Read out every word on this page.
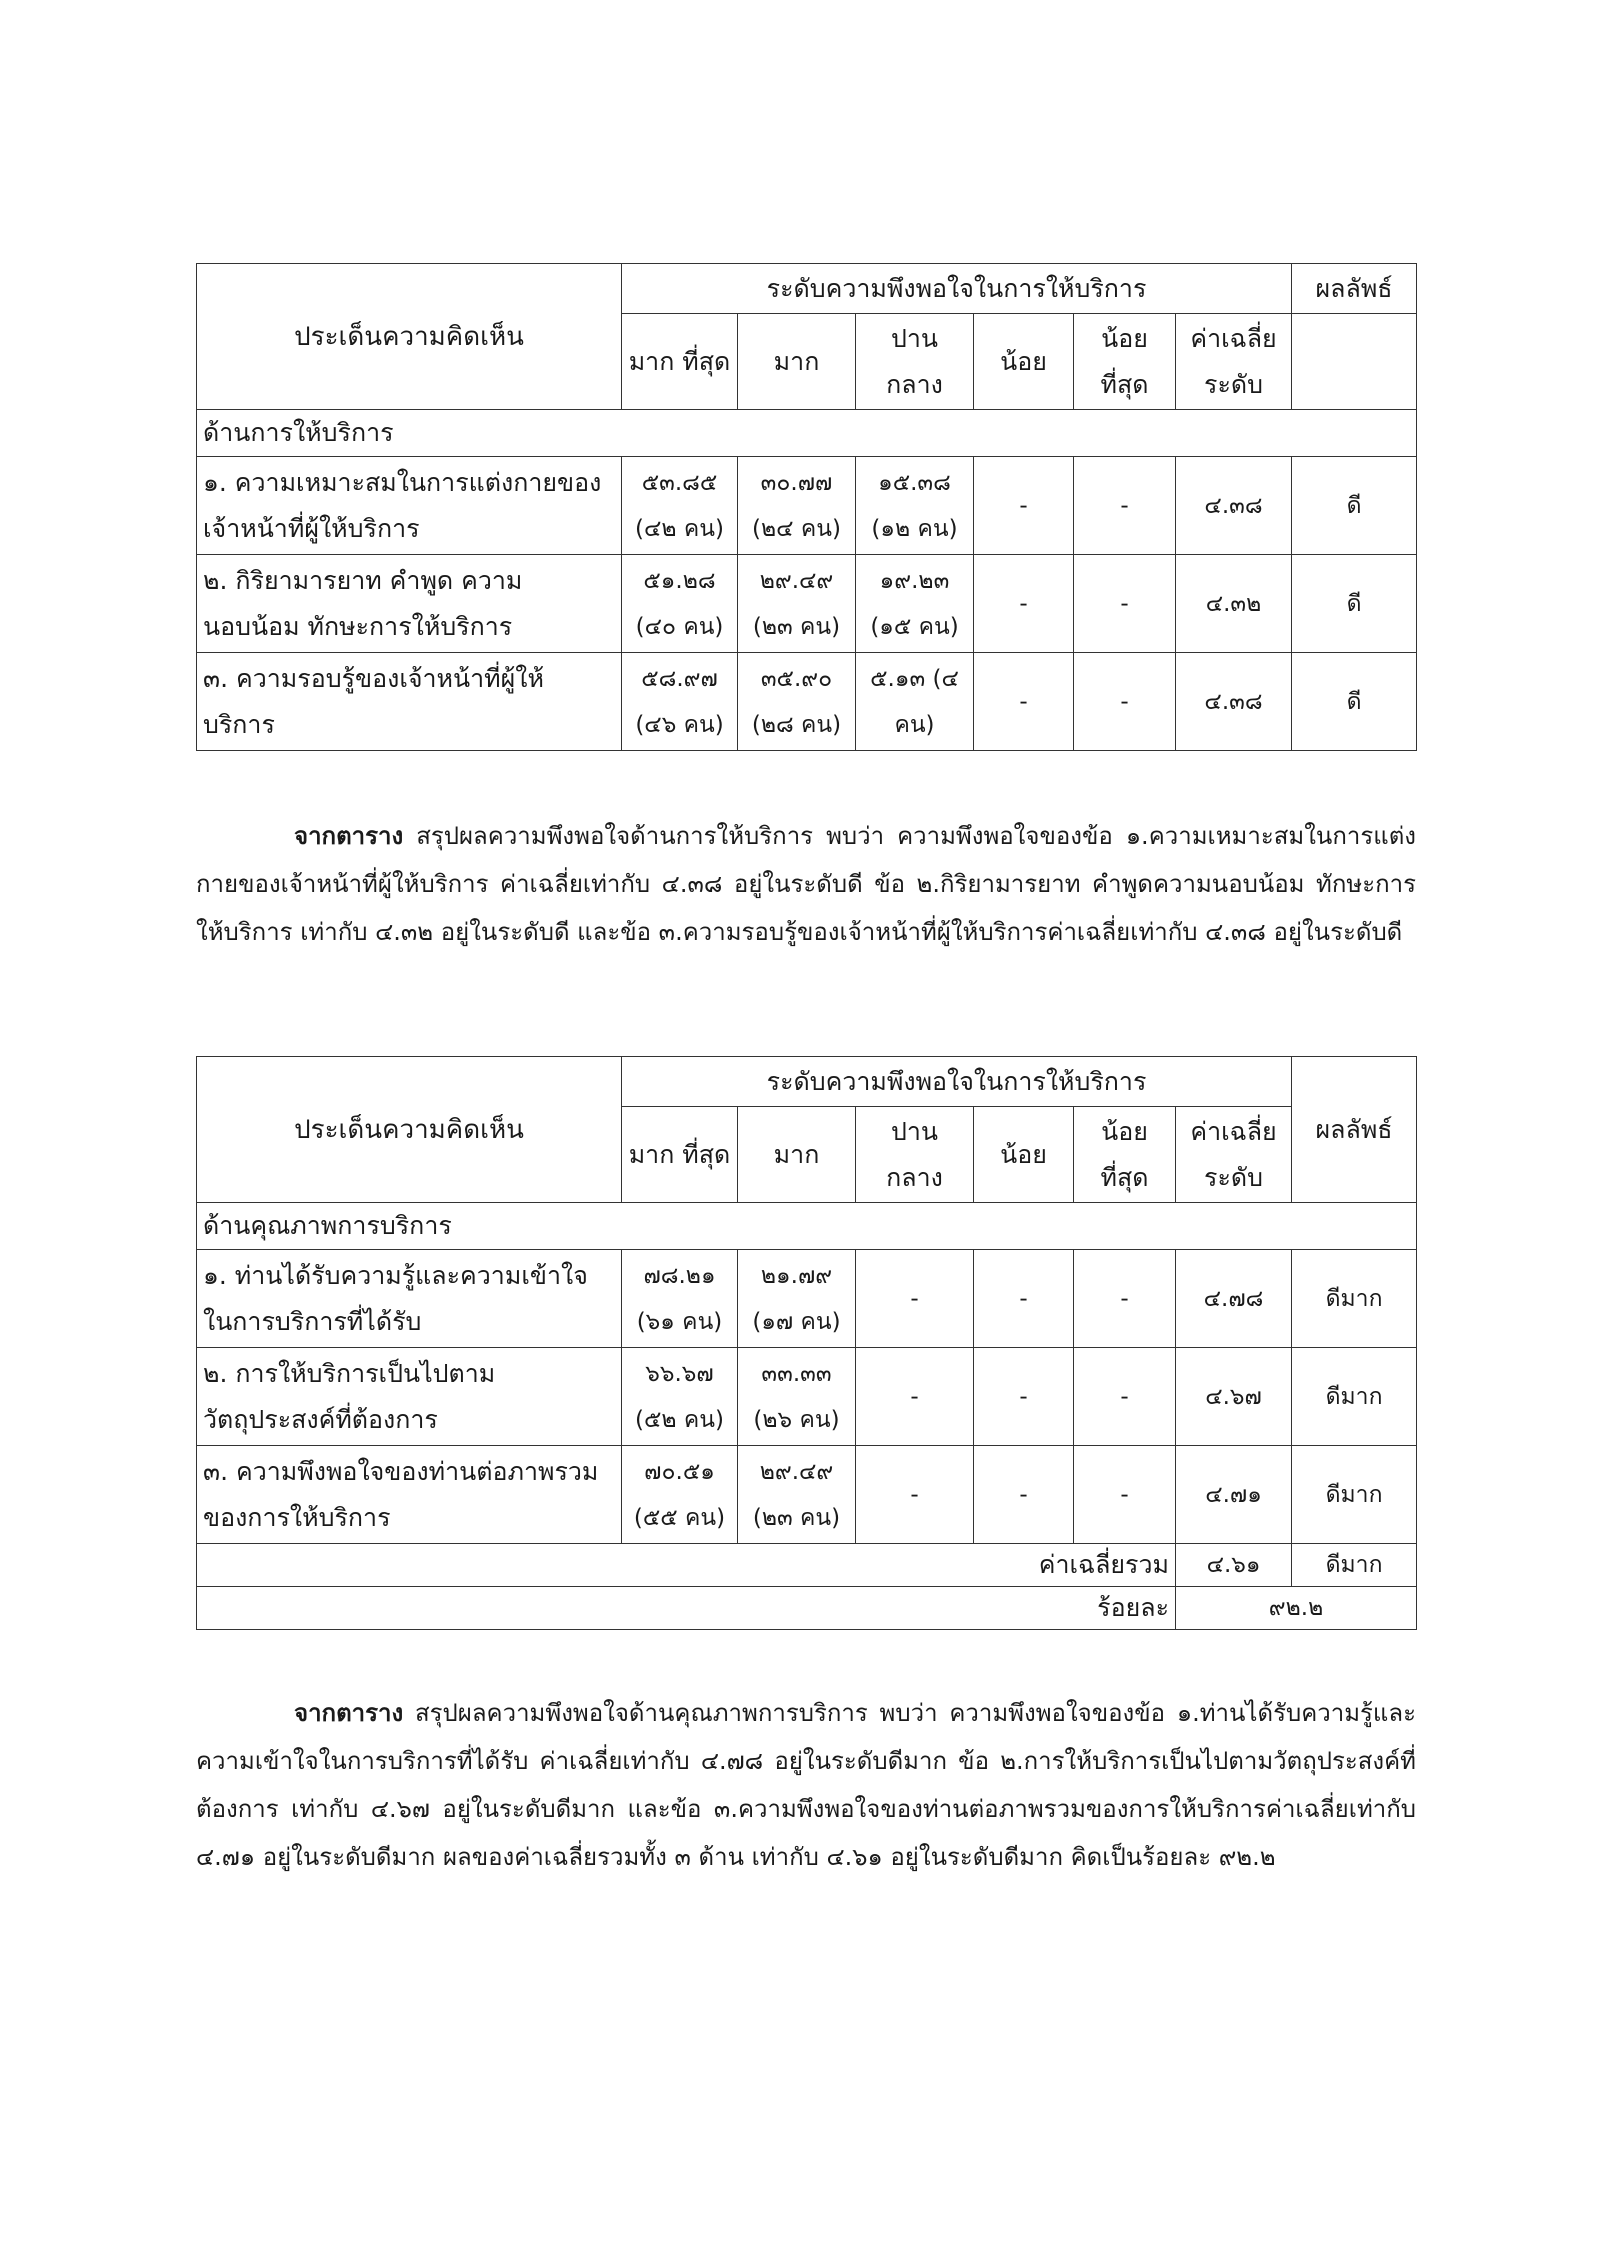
ประเด็นความคิดเห็น	ระดับความพึงพอใจในการให้บริการ						ผลลัพธ์
	มาก ที่สุด	มาก	ปาน กลาง	น้อย	น้อย ที่สุด	ค่าเฉลี่ย ระดับ	
ด้านการให้บริการ							
๑. ความเหมาะสมในการแต่งกายของเจ้าหน้าที่ผู้ให้บริการ	๕๓.๘๕ (๔๒ คน)	๓๐.๗๗ (๒๔ คน)	๑๕.๓๘ (๑๒ คน)	-	-	๔.๓๘	ดี
๒. กิริยามารยาท คำพูด ความนอบน้อม ทักษะการให้บริการ	๕๑.๒๘ (๔๐ คน)	๒๙.๔๙ (๒๓ คน)	๑๙.๒๓ (๑๕ คน)	-	-	๔.๓๒	ดี
๓. ความรอบรู้ของเจ้าหน้าที่ผู้ให้บริการ	๕๘.๙๗ (๔๖ คน)	๓๕.๙๐ (๒๘ คน)	๕.๑๓ (๔ คน)	-	-	๔.๓๘	ดี

จากตาราง สรุปผลความพึงพอใจด้านการให้บริการ พบว่า ความพึงพอใจของข้อ ๑.ความเหมาะสมในการแต่งกายของเจ้าหน้าที่ผู้ให้บริการ ค่าเฉลี่ยเท่ากับ ๔.๓๘ อยู่ในระดับดี ข้อ ๒.กิริยามารยาท คำพูดความนอบน้อม ทักษะการให้บริการ เท่ากับ ๔.๓๒ อยู่ในระดับดี และข้อ ๓.ความรอบรู้ของเจ้าหน้าที่ผู้ให้บริการค่าเฉลี่ยเท่ากับ ๔.๓๘ อยู่ในระดับดี

ประเด็นความคิดเห็น	ระดับความพึงพอใจในการให้บริการ						ผลลัพธ์
	มาก ที่สุด	มาก	ปาน กลาง	น้อย	น้อย ที่สุด	ค่าเฉลี่ย ระดับ	
ด้านคุณภาพการบริการ							
๑. ท่านได้รับความรู้และความเข้าใจในการบริการที่ได้รับ	๗๘.๒๑ (๖๑ คน)	๒๑.๗๙ (๑๗ คน)	-	-	-	๔.๗๘	ดีมาก
๒. การให้บริการเป็นไปตามวัตถุประสงค์ที่ต้องการ	๖๖.๖๗ (๕๒ คน)	๓๓.๓๓ (๒๖ คน)	-	-	-	๔.๖๗	ดีมาก
๓. ความพึงพอใจของท่านต่อภาพรวมของการให้บริการ	๗๐.๕๑ (๕๕ คน)	๒๙.๔๙ (๒๓ คน)	-	-	-	๔.๗๑	ดีมาก
ค่าเฉลี่ยรวม						๔.๖๑	ดีมาก
ร้อยละ						๙๒.๒	

จากตาราง สรุปผลความพึงพอใจด้านคุณภาพการบริการ พบว่า ความพึงพอใจของข้อ ๑.ท่านได้รับความรู้และความเข้าใจในการบริการที่ได้รับ ค่าเฉลี่ยเท่ากับ ๔.๗๘ อยู่ในระดับดีมาก ข้อ ๒.การให้บริการเป็นไปตามวัตถุประสงค์ที่ต้องการ เท่ากับ ๔.๖๗ อยู่ในระดับดีมาก และข้อ ๓.ความพึงพอใจของท่านต่อภาพรวมของการให้บริการค่าเฉลี่ยเท่ากับ ๔.๗๑ อยู่ในระดับดีมาก ผลของค่าเฉลี่ยรวมทั้ง ๓ ด้าน เท่ากับ ๔.๖๑ อยู่ในระดับดีมาก คิดเป็นร้อยละ ๙๒.๒
